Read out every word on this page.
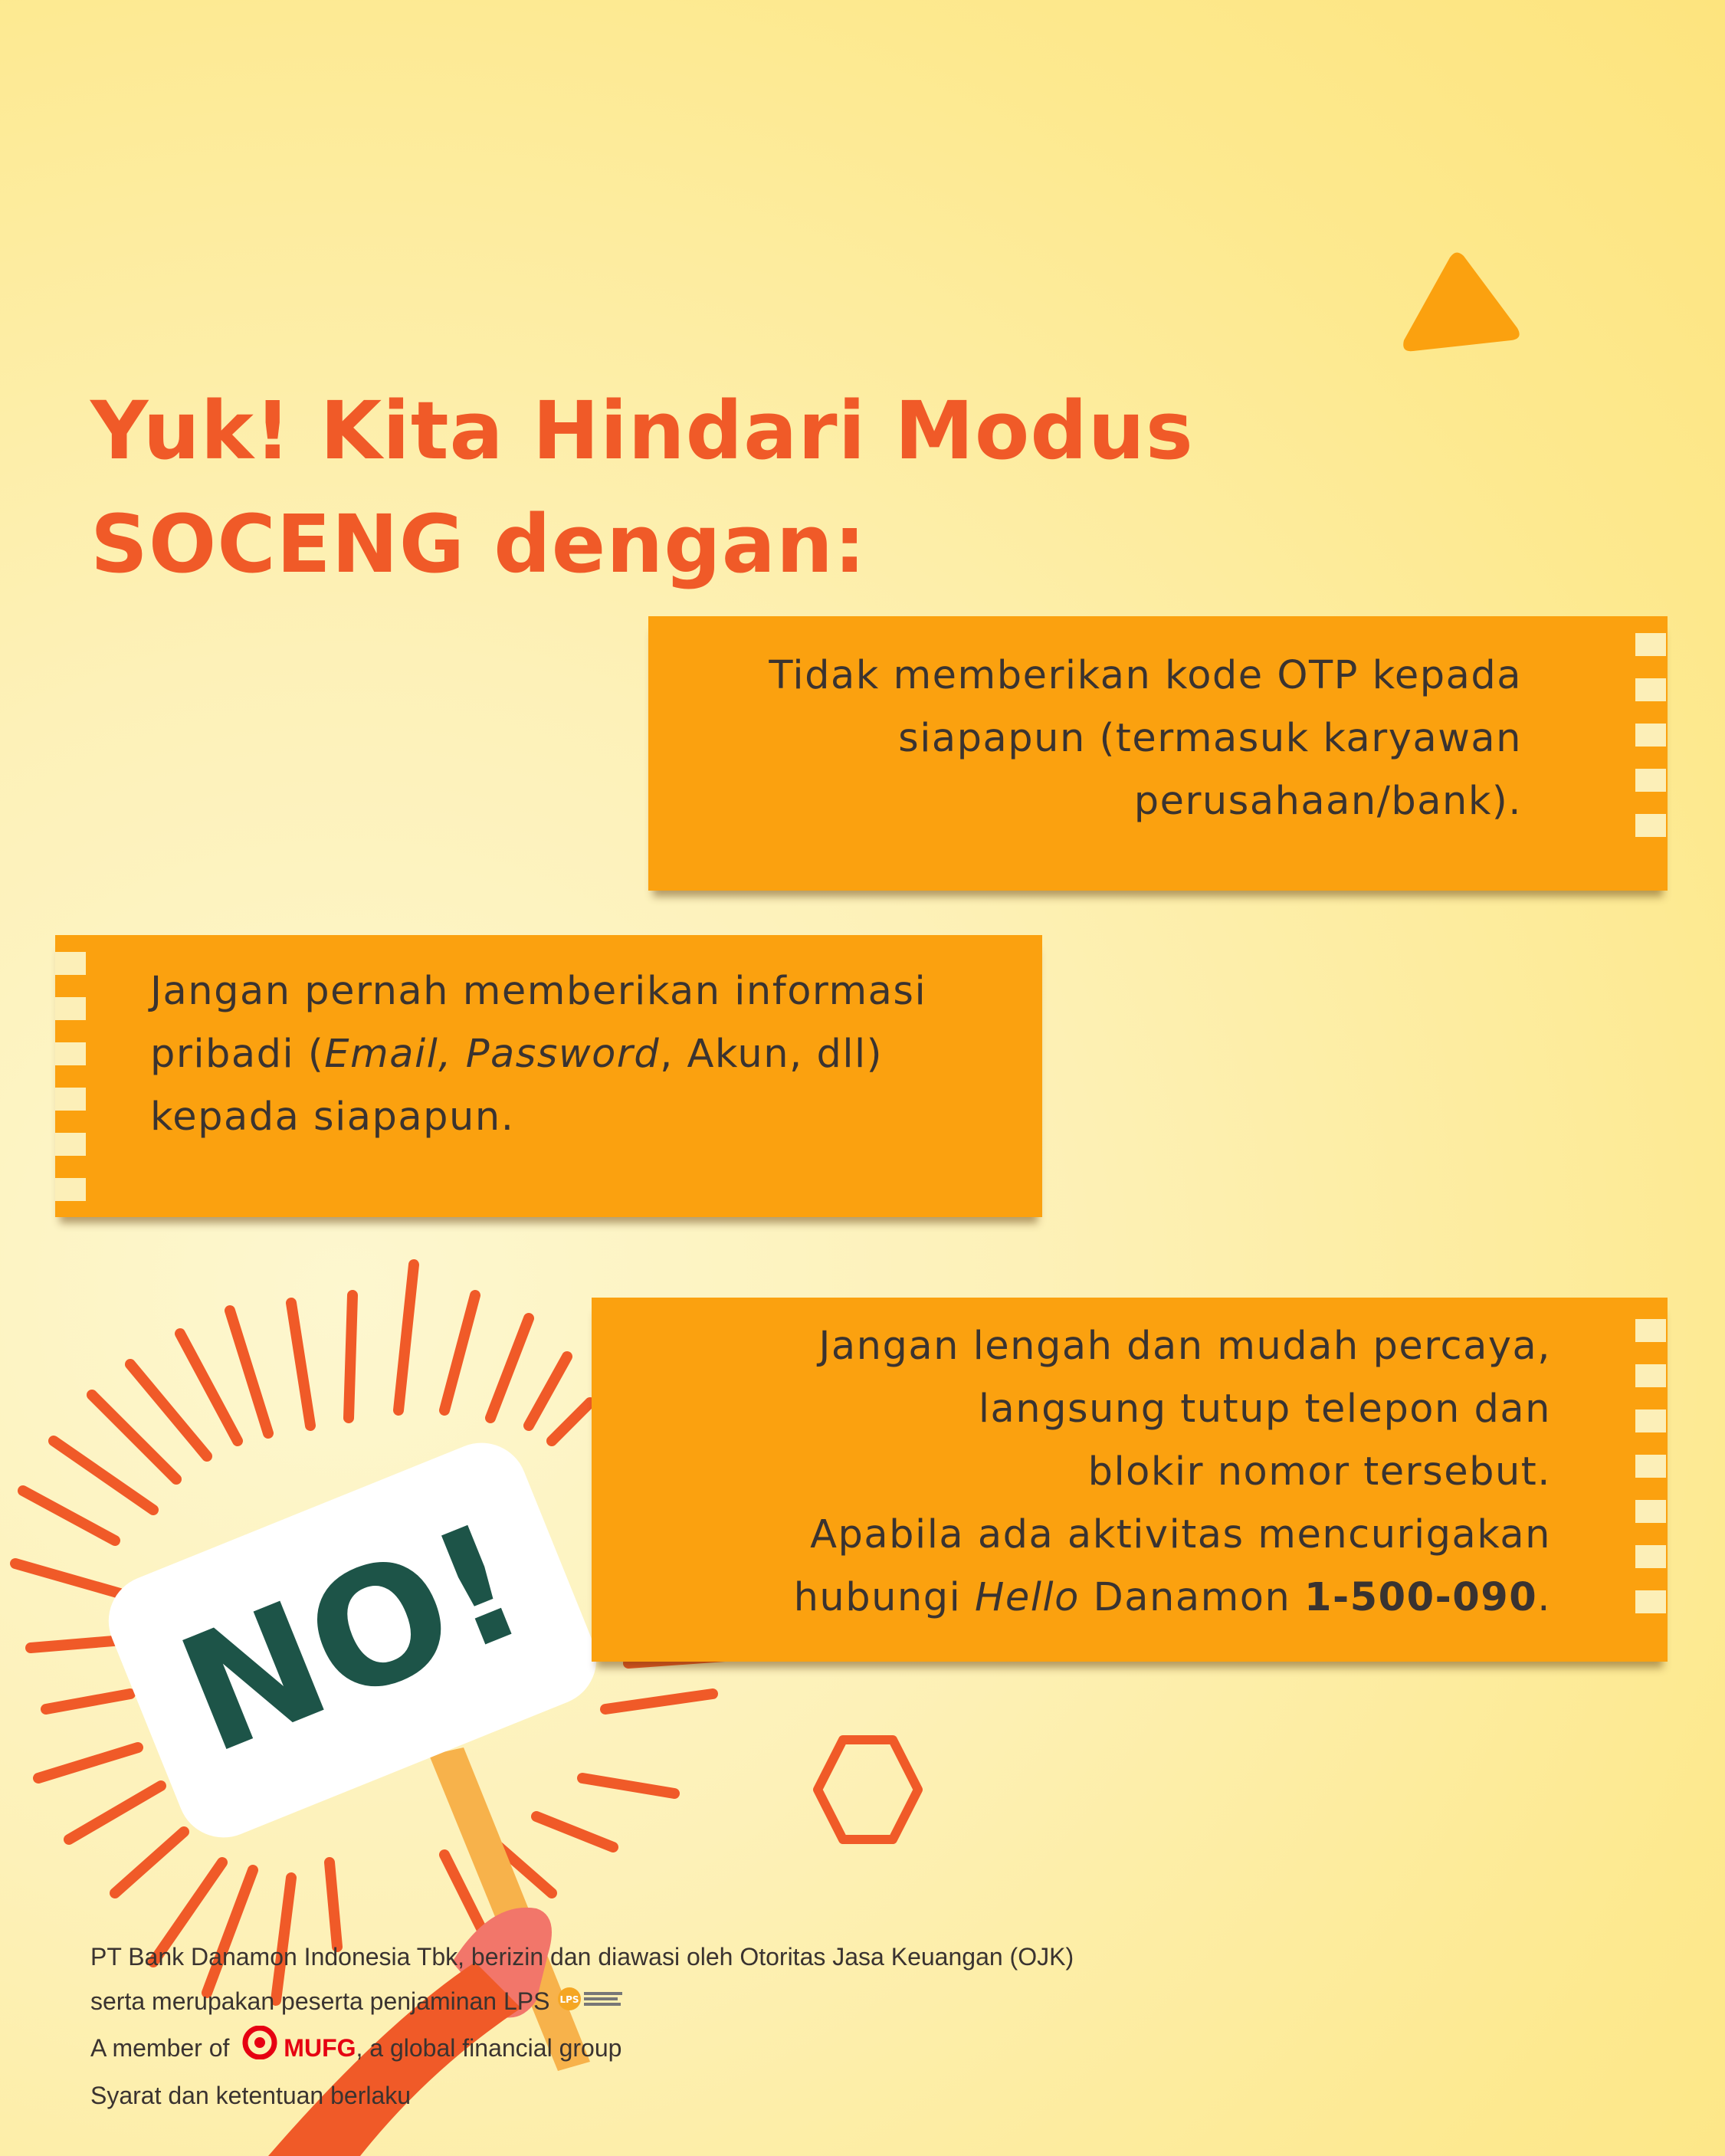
Yuk! Kita Hindari Modus
SOCENG dengan:
Tidak memberikan kode OTP kepada
siapapun (termasuk karyawan
perusahaan/bank).
Jangan pernah memberikan informasi
pribadi (Email, Password, Akun, dll)
kepada siapapun.
NO!
Jangan lengah dan mudah percaya,
langsung tutup telepon dan
blokir nomor tersebut.
Apabila ada aktivitas mencurigakan
hubungi Hello Danamon 1-500-090.
PT Bank Danamon Indonesia Tbk, berizin dan diawasi oleh Otoritas Jasa Keuangan (OJK)
serta merupakan peserta penjaminan LPS LPS
A member of MUFG, a global financial group
Syarat dan ketentuan berlaku
